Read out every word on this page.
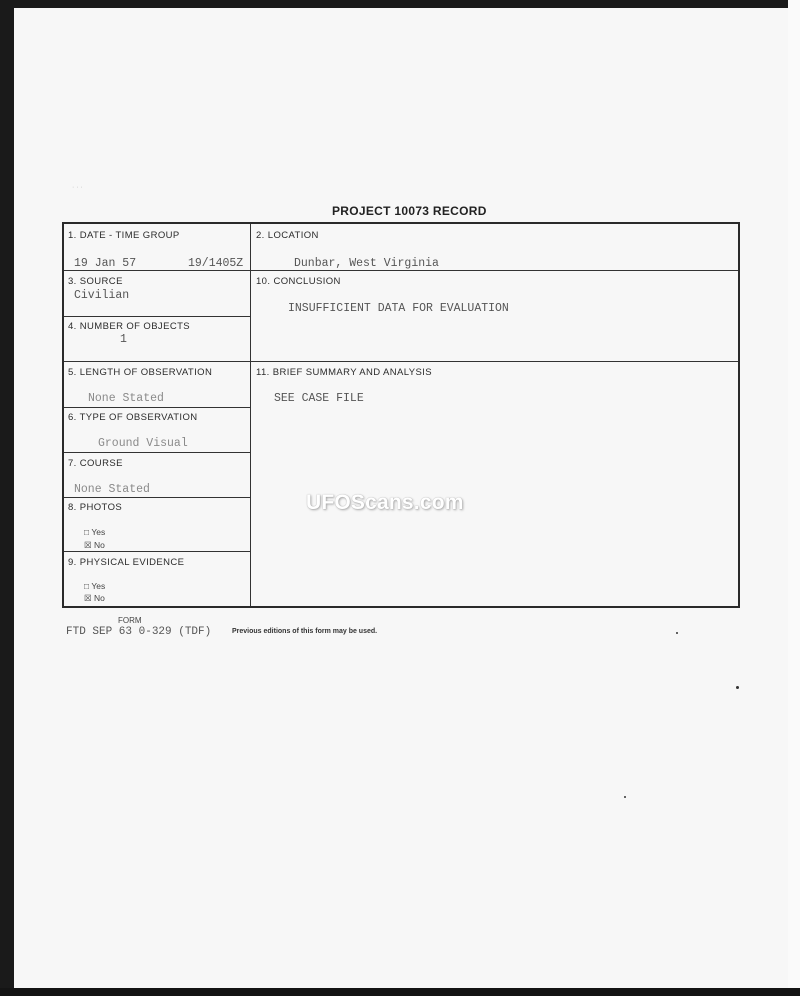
· · ·
PROJECT 10073 RECORD
1. DATE - TIME GROUP
19 Jan 57	19/1405Z
2. LOCATION
Dunbar, West Virginia
3. SOURCE
Civilian
10. CONCLUSION
INSUFFICIENT DATA FOR EVALUATION
4. NUMBER OF OBJECTS
1
5. LENGTH OF OBSERVATION
None Stated
11. BRIEF SUMMARY AND ANALYSIS
SEE CASE FILE
6. TYPE OF OBSERVATION
Ground Visual
7. COURSE
None Stated
8. PHOTOS
□ Yes
☒ No
9. PHYSICAL EVIDENCE
□ Yes
☒ No
UFOScans.com
FORM
FTD SEP 63 0-329 (TDF)	Previous editions of this form may be used.
